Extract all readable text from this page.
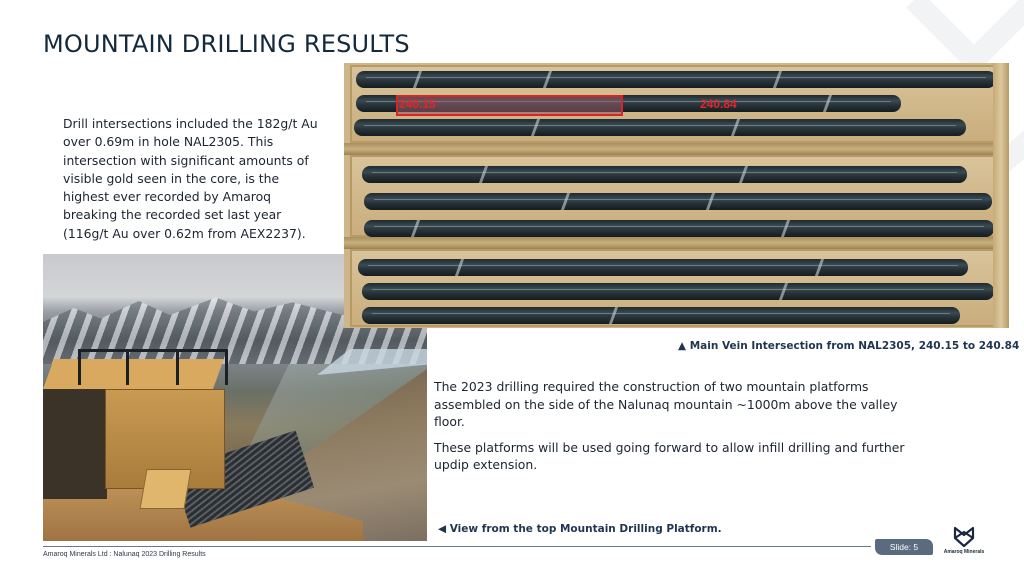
MOUNTAIN DRILLING RESULTS

Drill intersections included the 182g/t Au over 0.69m in hole NAL2305. This intersection with significant amounts of visible gold seen in the core, is the highest ever recorded by Amaroq breaking the recorded set last year (116g/t Au over 0.62m from AEX2237).

240.15	240.84
▲ Main Vein Intersection from NAL2305, 240.15 to 240.84

The 2023 drilling required the construction of two mountain platforms assembled on the side of the Nalunaq mountain ~1000m above the valley floor.

These platforms will be used going forward to allow infill drilling and further updip extension.

◀ View from the top Mountain Drilling Platform.
Amaroq Minerals Ltd : Nalunaq 2023 Drilling Results
Slide: 5	Amaroq Minerals
